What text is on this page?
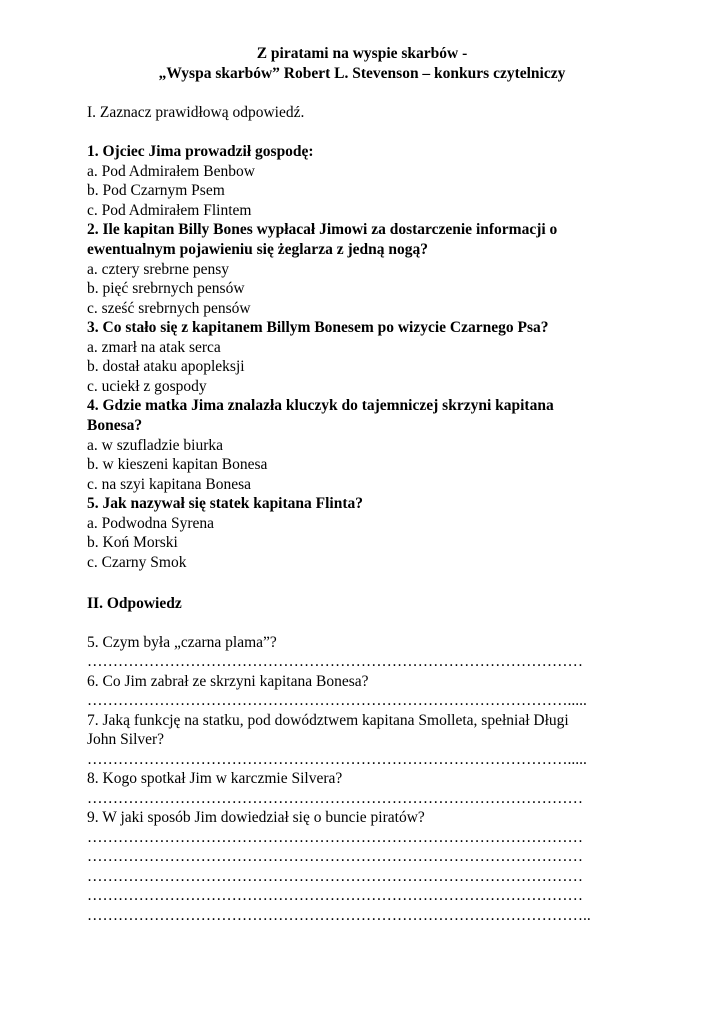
Z piratami na wyspie skarbów -
„Wyspa skarbów” Robert L. Stevenson – konkurs czytelniczy
I. Zaznacz prawidłową odpowiedź.
1. Ojciec Jima prowadził gospodę:
a. Pod Admirałem Benbow
b. Pod Czarnym Psem
c. Pod Admirałem Flintem
2. Ile kapitan Billy Bones wypłacał Jimowi za dostarczenie informacji o
ewentualnym pojawieniu się żeglarza z jedną nogą?
a. cztery srebrne pensy
b. pięć srebrnych pensów
c. sześć srebrnych pensów
3. Co stało się z kapitanem Billym Bonesem po wizycie Czarnego Psa?
a. zmarł na atak serca
b. dostał ataku apopleksji
c. uciekł z gospody
4. Gdzie matka Jima znalazła kluczyk do tajemniczej skrzyni kapitana
Bonesa?
a. w szufladzie biurka
b. w kieszeni kapitan Bonesa
c. na szyi kapitana Bonesa
5. Jak nazywał się statek kapitana Flinta?
a. Podwodna Syrena
b. Koń Morski
c. Czarny Smok
II. Odpowiedz
5. Czym była „czarna plama”?
……………………………………………………………………………………
6. Co Jim zabrał ze skrzyni kapitana Bonesa?
………………………………………………………………………………….....
7. Jaką funkcję na statku, pod dowództwem kapitana Smolleta, spełniał Długi
John Silver?
………………………………………………………………………………….....
8. Kogo spotkał Jim w karczmie Silvera?
……………………………………………………………………………………
9. W jaki sposób Jim dowiedział się o buncie piratów?
……………………………………………………………………………………
……………………………………………………………………………………
……………………………………………………………………………………
……………………………………………………………………………………
……………………………………………………………………………………..
